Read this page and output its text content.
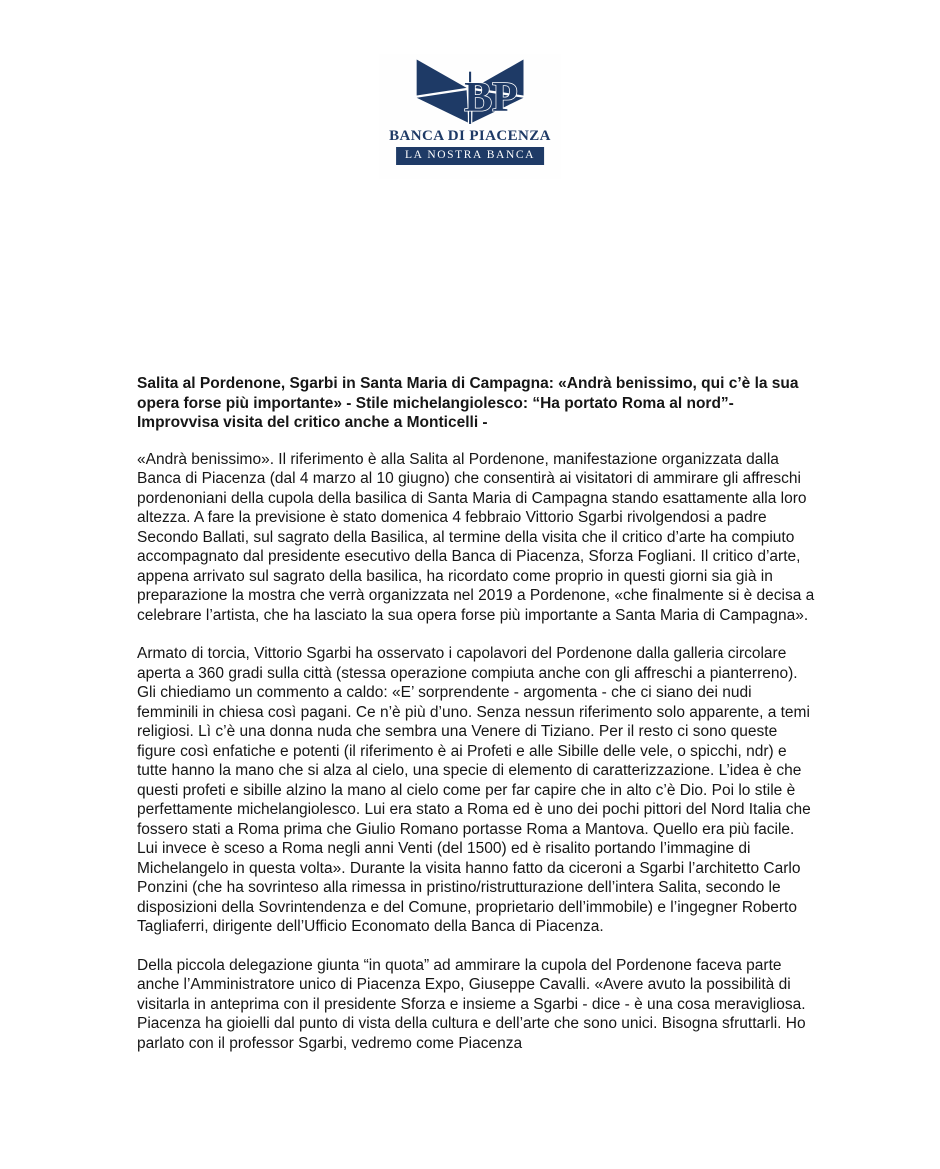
BP
BANCA DI PIACENZA
LA NOSTRA BANCA
Salita al Pordenone, Sgarbi in Santa Maria di Campagna: «Andrà benissimo, qui c’è la sua opera forse più importante» - Stile michelangiolesco: “Ha portato Roma al nord”- Improvvisa visita del critico anche a Monticelli -

«Andrà benissimo». Il riferimento è alla Salita al Pordenone, manifestazione organizzata dalla Banca di Piacenza (dal 4 marzo al 10 giugno) che consentirà ai visitatori di ammirare gli affreschi pordenoniani della cupola della basilica di Santa Maria di Campagna stando esattamente alla loro altezza. A fare la previsione è stato domenica 4 febbraio Vittorio Sgarbi rivolgendosi a padre Secondo Ballati, sul sagrato della Basilica, al termine della visita che il critico d’arte ha compiuto accompagnato dal presidente esecutivo della Banca di Piacenza, Sforza Fogliani. Il critico d’arte, appena arrivato sul sagrato della basilica, ha ricordato come proprio in questi giorni sia già in preparazione la mostra che verrà organizzata nel 2019 a Pordenone, «che finalmente si è decisa a celebrare l’artista, che ha lasciato la sua opera forse più importante a Santa Maria di Campagna».

Armato di torcia, Vittorio Sgarbi ha osservato i capolavori del Pordenone dalla galleria circolare aperta a 360 gradi sulla città (stessa operazione compiuta anche con gli affreschi a pianterreno). Gli chiediamo un commento a caldo: «E’ sorprendente - argomenta - che ci siano dei nudi femminili in chiesa così pagani. Ce n’è più d’uno. Senza nessun riferimento solo apparente, a temi religiosi. Lì c’è una donna nuda che sembra una Venere di Tiziano. Per il resto ci sono queste figure così enfatiche e potenti (il riferimento è ai Profeti e alle Sibille delle vele, o spicchi, ndr) e tutte hanno la mano che si alza al cielo, una specie di elemento di caratterizzazione. L’idea è che questi profeti e sibille alzino la mano al cielo come per far capire che in alto c’è Dio. Poi lo stile è perfettamente michelangiolesco. Lui era stato a Roma ed è uno dei pochi pittori del Nord Italia che fossero stati a Roma prima che Giulio Romano portasse Roma a Mantova. Quello era più facile. Lui invece è sceso a Roma negli anni Venti (del 1500) ed è risalito portando l’immagine di Michelangelo in questa volta». Durante la visita hanno fatto da ciceroni a Sgarbi l’architetto Carlo Ponzini (che ha sovrinteso alla rimessa in pristino/ristrutturazione dell’intera Salita, secondo le disposizioni della Sovrintendenza e del Comune, proprietario dell’immobile) e l’ingegner Roberto Tagliaferri, dirigente dell’Ufficio Economato della Banca di Piacenza.

Della piccola delegazione giunta “in quota” ad ammirare la cupola del Pordenone faceva parte anche l’Amministratore unico di Piacenza Expo, Giuseppe Cavalli. «Avere avuto la possibilità di visitarla in anteprima con il presidente Sforza e insieme a Sgarbi - dice - è una cosa meravigliosa. Piacenza ha gioielli dal punto di vista della cultura e dell’arte che sono unici. Bisogna sfruttarli. Ho parlato con il professor Sgarbi, vedremo come Piacenza
